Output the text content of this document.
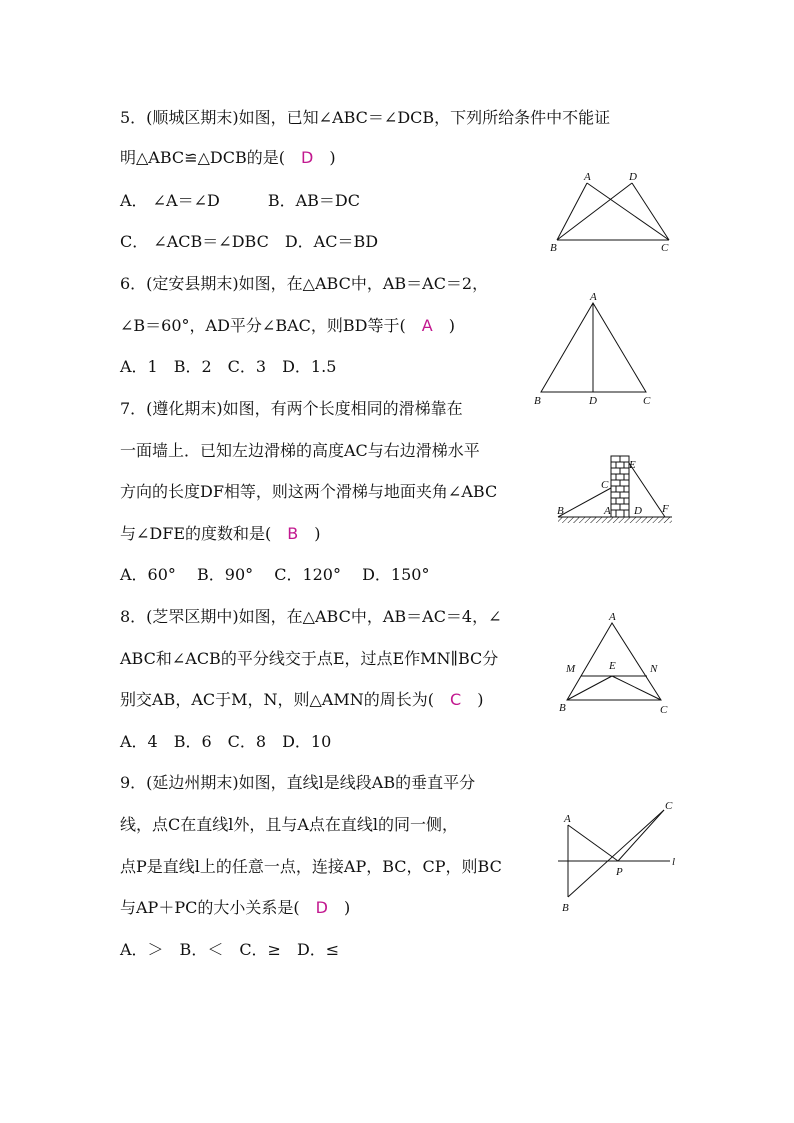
5．(顺城区期末)如图，已知∠ABC＝∠DCB，下列所给条件中不能证
明△ABC≌△DCB的是(　 D　 )
A． ∠A＝∠D　　　B．AB＝DC
C． ∠ACB＝∠DBC　D．AC＝BD
A	D
B	C
6．(定安县期末)如图，在△ABC中，AB＝AC＝2，
∠B＝60°，AD平分∠BAC，则BD等于(　 A　 )
A．1　B．2　C．3　D．1.5
A
B	D	C
7．(遵化期末)如图，有两个长度相同的滑梯靠在
一面墙上．已知左边滑梯的高度AC与右边滑梯水平
方向的长度DF相等，则这两个滑梯与地面夹角∠ABC
与∠DFE的度数和是(　 B　 )
A．60°　 B．90°　 C．120°　 D．150°
E
C
B	A D F
8．(芝罘区期中)如图，在△ABC中，AB＝AC＝4，∠
ABC和∠ACB的平分线交于点E，过点E作MN∥BC分
别交AB，AC于M，N，则△AMN的周长为(　 C　 )
A．4　B．6　C．8　D．10
A
M	E	N
B	C
9．(延边州期末)如图，直线l是线段AB的垂直平分
线，点C在直线l外，且与A点在直线l的同一侧，
点P是直线l上的任意一点，连接AP，BC，CP，则BC
与AP＋PC的大小关系是(　 D　 )
A．＞　B．＜　C．≥　D．≤
C
A
l
P
B
